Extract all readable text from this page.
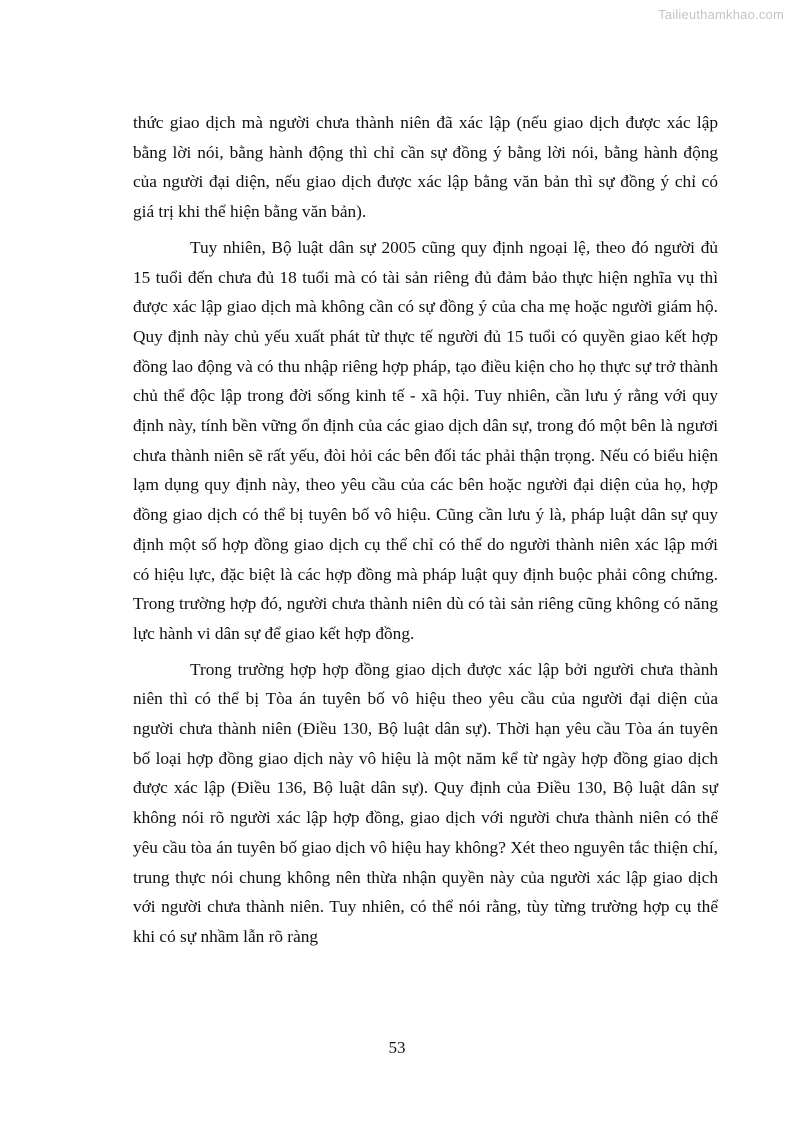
Tailieuthamkhao.com

thức giao dịch mà người chưa thành niên đã xác lập (nếu giao dịch được xác lập bằng lời nói, bằng hành động thì chỉ cần sự đồng ý bằng lời nói, bằng hành động của người đại diện, nếu giao dịch được xác lập bằng văn bản thì sự đồng ý chỉ có giá trị khi thể hiện bằng văn bản).

Tuy nhiên, Bộ luật dân sự 2005 cũng quy định ngoại lệ, theo đó người đủ 15 tuổi đến chưa đủ 18 tuổi mà có tài sản riêng đủ đảm bảo thực hiện nghĩa vụ thì được xác lập giao dịch mà không cần có sự đồng ý của cha mẹ hoặc người giám hộ. Quy định này chủ yếu xuất phát từ thực tế người đủ 15 tuổi có quyền giao kết hợp đồng lao động và có thu nhập riêng hợp pháp, tạo điều kiện cho họ thực sự trở thành chủ thể độc lập trong đời sống kinh tế - xã hội. Tuy nhiên, cần lưu ý rằng với quy định này, tính bền vững ổn định của các giao dịch dân sự, trong đó một bên là ngươi chưa thành niên sẽ rất yếu, đòi hỏi các bên đối tác phải thận trọng. Nếu có biểu hiện lạm dụng quy định này, theo yêu cầu của các bên hoặc người đại diện của họ, hợp đồng giao dịch có thể bị tuyên bố vô hiệu. Cũng cần lưu ý là, pháp luật dân sự quy định một số hợp đồng giao dịch cụ thể chỉ có thể do người thành niên xác lập mới có hiệu lực, đặc biệt là các hợp đồng mà pháp luật quy định buộc phải công chứng. Trong trường hợp đó, người chưa thành niên dù có tài sản riêng cũng không có năng lực hành vi dân sự để giao kết hợp đồng.

Trong trường hợp hợp đồng giao dịch được xác lập bởi người chưa thành niên thì có thể bị Tòa án tuyên bố vô hiệu theo yêu cầu của người đại diện của người chưa thành niên (Điều 130, Bộ luật dân sự). Thời hạn yêu cầu Tòa án tuyên bố loại hợp đồng giao dịch này vô hiệu là một năm kể từ ngày hợp đồng giao dịch được xác lập (Điều 136, Bộ luật dân sự). Quy định của Điều 130, Bộ luật dân sự không nói rõ người xác lập hợp đồng, giao dịch với người chưa thành niên có thể yêu cầu tòa án tuyên bố giao dịch vô hiệu hay không? Xét theo nguyên tắc thiện chí, trung thực nói chung không nên thừa nhận quyền này của người xác lập giao dịch với người chưa thành niên. Tuy nhiên, có thể nói rằng, tùy từng trường hợp cụ thể khi có sự nhầm lẫn rõ ràng

53
